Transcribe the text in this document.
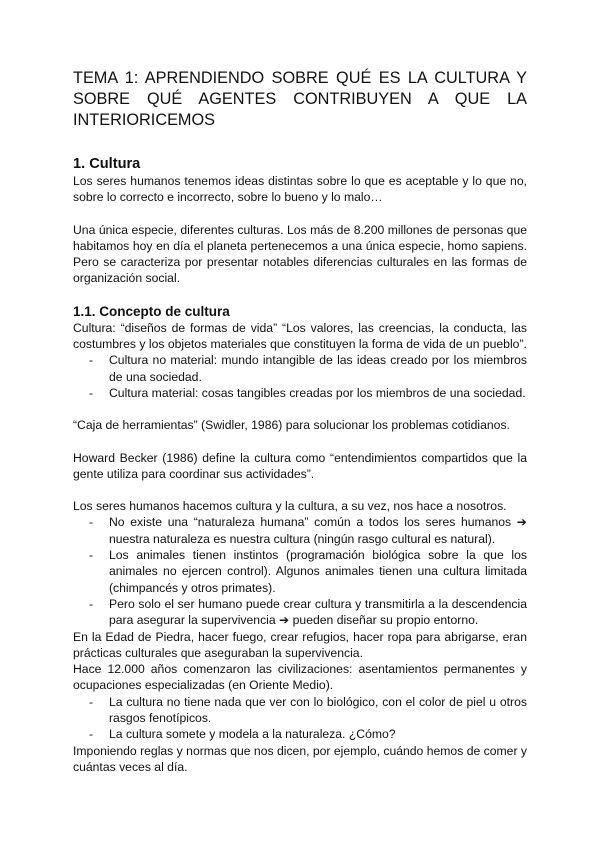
TEMA 1: APRENDIENDO SOBRE QUÉ ES LA CULTURA Y
SOBRE QUÉ AGENTES CONTRIBUYEN A QUE LA
INTERIORICEMOS
1. Cultura

Los seres humanos tenemos ideas distintas sobre lo que es aceptable y lo que no, sobre lo correcto e incorrecto, sobre lo bueno y lo malo…

Una única especie, diferentes culturas. Los más de 8.200 millones de personas que habitamos hoy en día el planeta pertenecemos a una única especie, homo sapiens. Pero se caracteriza por presentar notables diferencias culturales en las formas de organización social.

1.1. Concepto de cultura

Cultura: “diseños de formas de vida” “Los valores, las creencias, la conducta, las costumbres y los objetos materiales que constituyen la forma de vida de un pueblo”.

- Cultura no material: mundo intangible de las ideas creado por los miembros de una sociedad.
- Cultura material: cosas tangibles creadas por los miembros de una sociedad.

“Caja de herramientas” (Swidler, 1986) para solucionar los problemas cotidianos.

Howard Becker (1986) define la cultura como “entendimientos compartidos que la gente utiliza para coordinar sus actividades”.

Los seres humanos hacemos cultura y la cultura, a su vez, nos hace a nosotros.

- No existe una “naturaleza humana” común a todos los seres humanos ➔ nuestra naturaleza es nuestra cultura (ningún rasgo cultural es natural).
- Los animales tienen instintos (programación biológica sobre la que los animales no ejercen control). Algunos animales tienen una cultura limitada (chimpancés y otros primates).
- Pero solo el ser humano puede crear cultura y transmitirla a la descendencia para asegurar la supervivencia ➔ pueden diseñar su propio entorno.

En la Edad de Piedra, hacer fuego, crear refugios, hacer ropa para abrigarse, eran prácticas culturales que aseguraban la supervivencia.

Hace 12.000 años comenzaron las civilizaciones: asentamientos permanentes y ocupaciones especializadas (en Oriente Medio).

- La cultura no tiene nada que ver con lo biológico, con el color de piel u otros rasgos fenotípicos.
- La cultura somete y modela a la naturaleza. ¿Cómo?

Imponiendo reglas y normas que nos dicen, por ejemplo, cuándo hemos de comer y cuántas veces al día.
